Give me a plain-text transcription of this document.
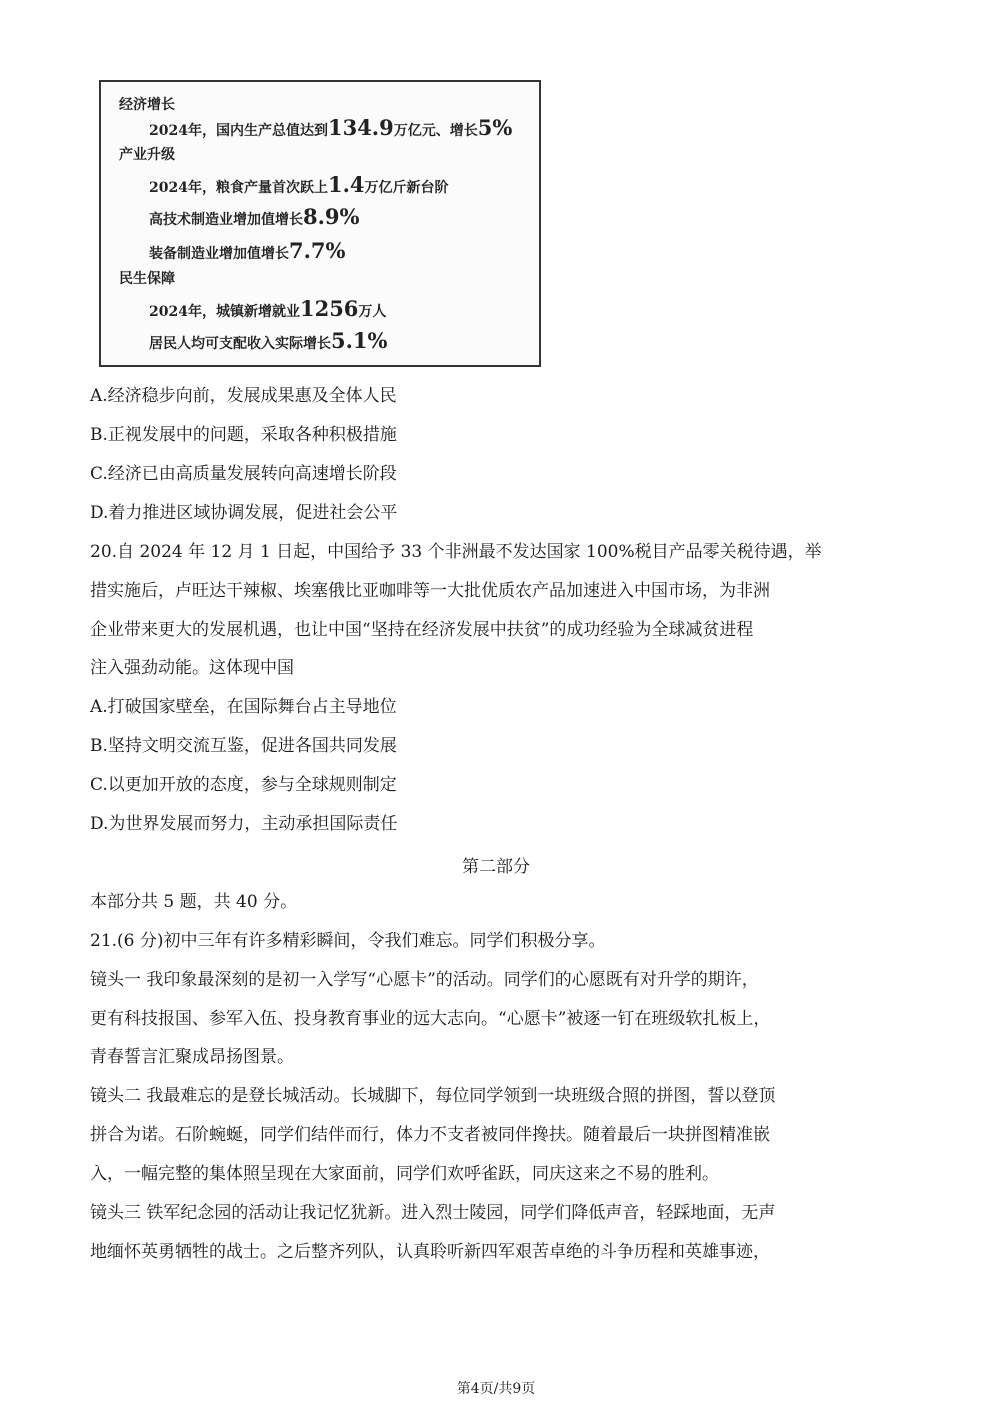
经济增长
2024年，国内生产总值达到134.9万亿元、增长5%
产业升级
2024年，粮食产量首次跃上1.4万亿斤新台阶
高技术制造业增加值增长8.9%
装备制造业增加值增长7.7%
民生保障
2024年，城镇新增就业1256万人
居民人均可支配收入实际增长5.1%
A.经济稳步向前，发展成果惠及全体人民
B.正视发展中的问题，采取各种积极措施
C.经济已由高质量发展转向高速增长阶段
D.着力推进区域协调发展，促进社会公平
20.自 2024 年 12 月 1 日起，中国给予 33 个非洲最不发达国家 100%税目产品零关税待遇，举
措实施后，卢旺达干辣椒、埃塞俄比亚咖啡等一大批优质农产品加速进入中国市场，为非洲
企业带来更大的发展机遇，也让中国“坚持在经济发展中扶贫”的成功经验为全球减贫进程
注入强劲动能。这体现中国
A.打破国家壁垒，在国际舞台占主导地位
B.坚持文明交流互鉴，促进各国共同发展
C.以更加开放的态度，参与全球规则制定
D.为世界发展而努力，主动承担国际责任
第二部分
本部分共 5 题，共 40 分。
21.(6 分)初中三年有许多精彩瞬间，令我们难忘。同学们积极分享。
镜头一 我印象最深刻的是初一入学写“心愿卡”的活动。同学们的心愿既有对升学的期许，
更有科技报国、参军入伍、投身教育事业的远大志向。“心愿卡”被逐一钉在班级软扎板上，
青春誓言汇聚成昂扬图景。
镜头二 我最难忘的是登长城活动。长城脚下，每位同学领到一块班级合照的拼图，誓以登顶
拼合为诺。石阶蜿蜒，同学们结伴而行，体力不支者被同伴搀扶。随着最后一块拼图精准嵌
入，一幅完整的集体照呈现在大家面前，同学们欢呼雀跃，同庆这来之不易的胜利。
镜头三 铁军纪念园的活动让我记忆犹新。进入烈士陵园，同学们降低声音，轻踩地面，无声
地缅怀英勇牺牲的战士。之后整齐列队，认真聆听新四军艰苦卓绝的斗争历程和英雄事迹，
第4页/共9页
